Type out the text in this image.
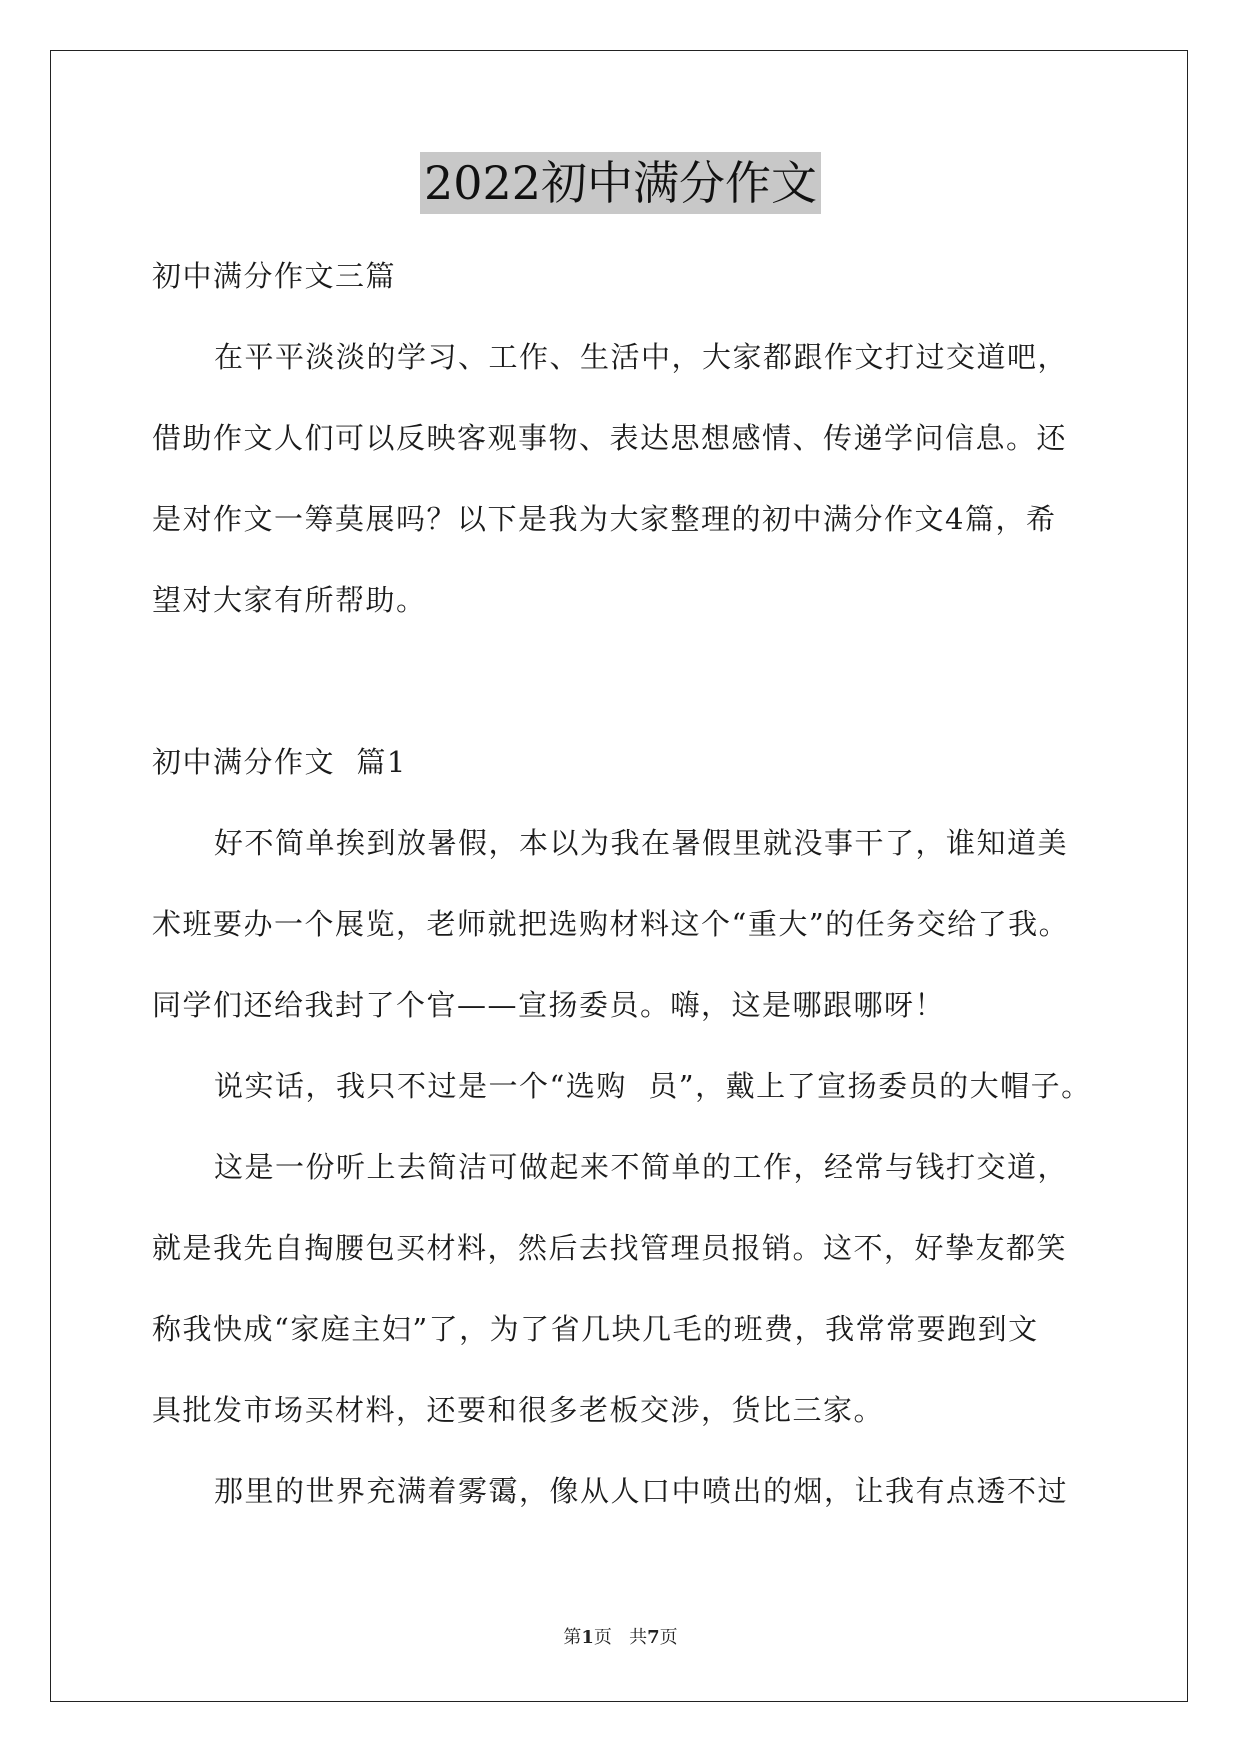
2022初中满分作文
初中满分作文三篇
在平平淡淡的学习、工作、生活中，大家都跟作文打过交道吧，
借助作文人们可以反映客观事物、表达思想感情、传递学问信息。还
是对作文一筹莫展吗？以下是我为大家整理的初中满分作文4篇，希
望对大家有所帮助。
初中满分作文  篇1
好不简单挨到放暑假，本以为我在暑假里就没事干了，谁知道美
术班要办一个展览，老师就把选购材料这个“重大”的任务交给了我。
同学们还给我封了个官——宣扬委员。嗨，这是哪跟哪呀！
说实话，我只不过是一个“选购  员”，戴上了宣扬委员的大帽子。
这是一份听上去简洁可做起来不简单的工作，经常与钱打交道，
就是我先自掏腰包买材料，然后去找管理员报销。这不，好挚友都笑
称我快成“家庭主妇”了，为了省几块几毛的班费，我常常要跑到文
具批发市场买材料，还要和很多老板交涉，货比三家。
那里的世界充满着雾霭，像从人口中喷出的烟，让我有点透不过
第1页   共7页
